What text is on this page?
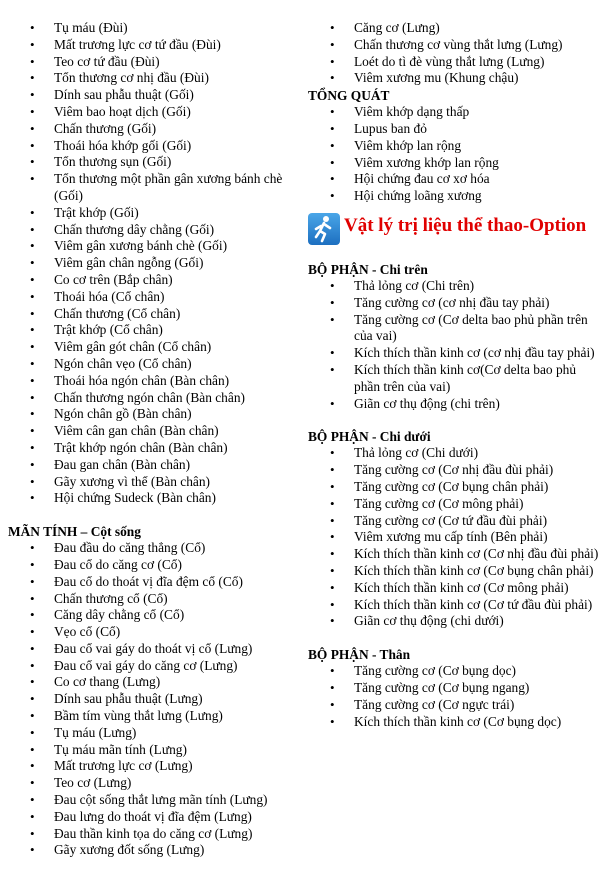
• Tụ máu (Đùi)
• Mất trương lực cơ tứ đầu (Đùi)
• Teo cơ tứ đầu (Đùi)
• Tổn thương cơ nhị đầu (Đùi)
• Dính sau phẫu thuật (Gối)
• Viêm bao hoạt dịch (Gối)
• Chấn thương (Gối)
• Thoái hóa khớp gối (Gối)
• Tổn thương sụn (Gối)
• Tổn thương một phần gân xương bánh chè (Gối)
• Trật khớp (Gối)
• Chấn thương dây chằng (Gối)
• Viêm gân xương bánh chè (Gối)
• Viêm gân chân ngỗng (Gối)
• Co cơ trên (Bắp chân)
• Thoái hóa (Cổ chân)
• Chấn thương (Cổ chân)
• Trật khớp (Cổ chân)
• Viêm gân gót chân (Cổ chân)
• Ngón chân vẹo (Cổ chân)
• Thoái hóa ngón chân (Bàn chân)
• Chấn thương ngón chân (Bàn chân)
• Ngón chân gồ (Bàn chân)
• Viêm cân gan chân (Bàn chân)
• Trật khớp ngón chân (Bàn chân)
• Đau gan chân (Bàn chân)
• Gãy xương vì thể (Bàn chân)
• Hội chứng Sudeck (Bàn chân)
MÃN TÍNH – Cột sống
• Đau đầu do căng thẳng (Cổ)
• Đau cổ do căng cơ (Cổ)
• Đau cổ do thoát vị đĩa đệm cổ (Cổ)
• Chấn thương cổ (Cổ)
• Căng dây chằng cổ (Cổ)
• Vẹo cổ (Cổ)
• Đau cổ vai gáy do thoát vị cổ (Lưng)
• Đau cổ vai gáy do căng cơ (Lưng)
• Co cơ thang (Lưng)
• Dính sau phẫu thuật (Lưng)
• Bầm tím vùng thắt lưng (Lưng)
• Tụ máu (Lưng)
• Tụ máu mãn tính (Lưng)
• Mất trương lực cơ (Lưng)
• Teo cơ (Lưng)
• Đau cột sống thắt lưng mãn tính (Lưng)
• Đau lưng do thoát vị đĩa đệm (Lưng)
• Đau thần kinh tọa do căng cơ (Lưng)
• Gãy xương đốt sống (Lưng)
• Căng cơ (Lưng)
• Chấn thương cơ vùng thắt lưng (Lưng)
• Loét do tì đè vùng thắt lưng (Lưng)
• Viêm xương mu (Khung chậu)
TỔNG QUÁT
• Viêm khớp dạng thấp
• Lupus ban đỏ
• Viêm khớp lan rộng
• Viêm xương khớp lan rộng
• Hội chứng đau cơ xơ hóa
• Hội chứng loãng xương
Vật lý trị liệu thể thao-Option
BỘ PHẬN - Chi trên
• Thả lỏng cơ (Chi trên)
• Tăng cường cơ (cơ nhị đầu tay phải)
• Tăng cường cơ (Cơ delta bao phủ phần trên của vai)
• Kích thích thần kinh cơ (cơ nhị đầu tay phải)
• Kích thích thần kinh cơ(Cơ delta bao phủ phần trên của vai)
• Giãn cơ thụ động (chi trên)
BỘ PHẬN - Chi dưới
• Thả lỏng cơ (Chi dưới)
• Tăng cường cơ (Cơ nhị đầu đùi phải)
• Tăng cường cơ (Cơ bụng chân phải)
• Tăng cường cơ (Cơ mông phải)
• Tăng cường cơ (Cơ tứ đầu đùi phải)
• Viêm xương mu cấp tính (Bên phải)
• Kích thích thần kinh cơ (Cơ nhị đầu đùi phải)
• Kích thích thần kinh cơ (Cơ bụng chân phải)
• Kích thích thần kinh cơ (Cơ mông phải)
• Kích thích thần kinh cơ (Cơ tứ đầu đùi phải)
• Giãn cơ thụ động (chi dưới)
BỘ PHẬN - Thân
• Tăng cường cơ (Cơ bụng dọc)
• Tăng cường cơ (Cơ bụng ngang)
• Tăng cường cơ (Cơ ngực trái)
• Kích thích thần kinh cơ (Cơ bụng dọc)
